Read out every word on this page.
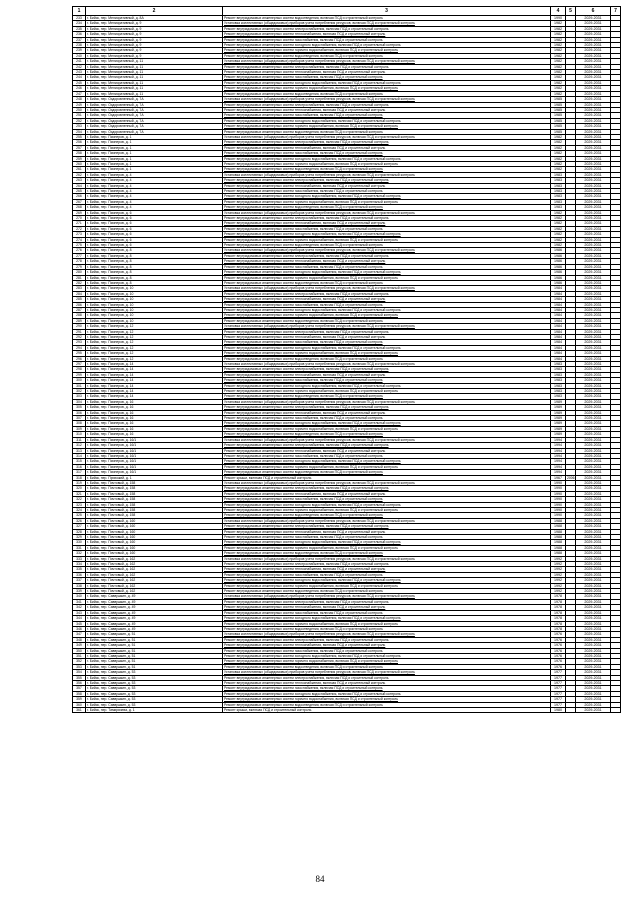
1	2	3	4	5	6	7
233	г. Бийск, пер. Мелиоративный, д. 8А	Ремонт внутридомовых инженерных систем водоотведения, включая ПСД и строительный контроль	1990		2029-2031	
234	г. Бийск, пер. Мелиоративный, д. 9	Установка коллективных (общедомовых) приборов учета потребления ресурсов, включая ПСД и строительный контроль	1982		2029-2031	
235	г. Бийск, пер. Мелиоративный, д. 9	Ремонт внутридомовых инженерных систем электроснабжения, включая ПСД и строительный контроль	1982		2029-2031	
236	г. Бийск, пер. Мелиоративный, д. 9	Ремонт внутридомовых инженерных систем теплоснабжения, включая ПСД и строительный контроль	1982		2029-2031	
237	г. Бийск, пер. Мелиоративный, д. 9	Ремонт внутридомовых инженерных систем газоснабжения, включая ПСД и строительный контроль	1982		2029-2031	
238	г. Бийск, пер. Мелиоративный, д. 9	Ремонт внутридомовых инженерных систем холодного водоснабжения, включая ПСД и строительный контроль	1982		2029-2031	
239	г. Бийск, пер. Мелиоративный, д. 9	Ремонт внутридомовых инженерных систем горячего водоснабжения, включая ПСД и строительный контроль	1982		2029-2031	
240	г. Бийск, пер. Мелиоративный, д. 9	Ремонт внутридомовых инженерных систем водоотведения, включая ПСД и строительный контроль	1982		2029-2031	
241	г. Бийск, пер. Мелиоративный, д. 11	Установка коллективных (общедомовых) приборов учета потребления ресурсов, включая ПСД и строительный контроль	1982		2029-2031	
242	г. Бийск, пер. Мелиоративный, д. 11	Ремонт внутридомовых инженерных систем электроснабжения, включая ПСД и строительный контроль	1982		2029-2031	
243	г. Бийск, пер. Мелиоративный, д. 11	Ремонт внутридомовых инженерных систем теплоснабжения, включая ПСД и строительный контроль	1982		2029-2031	
244	г. Бийск, пер. Мелиоративный, д. 11	Ремонт внутридомовых инженерных систем газоснабжения, включая ПСД и строительный контроль	1982		2029-2031	
245	г. Бийск, пер. Мелиоративный, д. 11	Ремонт внутридомовых инженерных систем холодного водоснабжения, включая ПСД и строительный контроль	1982		2029-2031	
246	г. Бийск, пер. Мелиоративный, д. 11	Ремонт внутридомовых инженерных систем горячего водоснабжения, включая ПСД и строительный контроль	1982		2029-2031	
247	г. Бийск, пер. Мелиоративный, д. 11	Ремонт внутридомовых инженерных систем водоотведения, включая ПСД и строительный контроль	1982		2029-2031	
248	г. Бийск, пер. Оздоровленный, д. 7А	Установка коллективных (общедомовых) приборов учета потребления ресурсов, включая ПСД и строительный контроль	1985		2029-2031	
249	г. Бийск, пер. Оздоровленный, д. 7А	Ремонт внутридомовых инженерных систем электроснабжения, включая ПСД и строительный контроль	1985		2029-2031	
250	г. Бийск, пер. Оздоровленный, д. 7А	Ремонт внутридомовых инженерных систем теплоснабжения, включая ПСД и строительный контроль	1985		2029-2031	
251	г. Бийск, пер. Оздоровленный, д. 7А	Ремонт внутридомовых инженерных систем газоснабжения, включая ПСД и строительный контроль	1985		2029-2031	
252	г. Бийск, пер. Оздоровленный, д. 7А	Ремонт внутридомовых инженерных систем холодного водоснабжения, включая ПСД и строительный контроль	1985		2029-2031	
253	г. Бийск, пер. Оздоровленный, д. 7А	Ремонт внутридомовых инженерных систем горячего водоснабжения, включая ПСД и строительный контроль	1985		2029-2031	
254	г. Бийск, пер. Оздоровленный, д. 7А	Ремонт внутридомовых инженерных систем водоотведения, включая ПСД и строительный контроль	1985		2029-2031	
255	г. Бийск, пер. Пионеров, д. 1	Установка коллективных (общедомовых) приборов учета потребления ресурсов, включая ПСД и строительный контроль	1982		2029-2031	
256	г. Бийск, пер. Пионеров, д. 1	Ремонт внутридомовых инженерных систем электроснабжения, включая ПСД и строительный контроль	1982		2029-2031	
257	г. Бийск, пер. Пионеров, д. 1	Ремонт внутридомовых инженерных систем теплоснабжения, включая ПСД и строительный контроль	1982		2029-2031	
258	г. Бийск, пер. Пионеров, д. 1	Ремонт внутридомовых инженерных систем газоснабжения, включая ПСД и строительный контроль	1982		2029-2031	
259	г. Бийск, пер. Пионеров, д. 1	Ремонт внутридомовых инженерных систем холодного водоснабжения, включая ПСД и строительный контроль	1982		2029-2031	
260	г. Бийск, пер. Пионеров, д. 1	Ремонт внутридомовых инженерных систем горячего водоснабжения, включая ПСД и строительный контроль	1982		2029-2031	
261	г. Бийск, пер. Пионеров, д. 1	Ремонт внутридомовых инженерных систем водоотведения, включая ПСД и строительный контроль	1982		2029-2031	
262	г. Бийск, пер. Пионеров, д. 4	Установка коллективных (общедомовых) приборов учета потребления ресурсов, включая ПСД и строительный контроль	1983		2029-2031	
263	г. Бийск, пер. Пионеров, д. 4	Ремонт внутридомовых инженерных систем электроснабжения, включая ПСД и строительный контроль	1983		2029-2031	
264	г. Бийск, пер. Пионеров, д. 4	Ремонт внутридомовых инженерных систем теплоснабжения, включая ПСД и строительный контроль	1983		2029-2031	
265	г. Бийск, пер. Пионеров, д. 4	Ремонт внутридомовых инженерных систем газоснабжения, включая ПСД и строительный контроль	1983		2029-2031	
266	г. Бийск, пер. Пионеров, д. 4	Ремонт внутридомовых инженерных систем холодного водоснабжения, включая ПСД и строительный контроль	1983		2029-2031	
267	г. Бийск, пер. Пионеров, д. 4	Ремонт внутридомовых инженерных систем горячего водоснабжения, включая ПСД и строительный контроль	1983		2029-2031	
268	г. Бийск, пер. Пионеров, д. 4	Ремонт внутридомовых инженерных систем водоотведения, включая ПСД и строительный контроль	1983		2029-2031	
269	г. Бийск, пер. Пионеров, д. 6	Установка коллективных (общедомовых) приборов учета потребления ресурсов, включая ПСД и строительный контроль	1982		2029-2031	
270	г. Бийск, пер. Пионеров, д. 6	Ремонт внутридомовых инженерных систем электроснабжения, включая ПСД и строительный контроль	1982		2029-2031	
271	г. Бийск, пер. Пионеров, д. 6	Ремонт внутридомовых инженерных систем теплоснабжения, включая ПСД и строительный контроль	1982		2029-2031	
272	г. Бийск, пер. Пионеров, д. 6	Ремонт внутридомовых инженерных систем газоснабжения, включая ПСД и строительный контроль	1982		2029-2031	
273	г. Бийск, пер. Пионеров, д. 6	Ремонт внутридомовых инженерных систем холодного водоснабжения, включая ПСД и строительный контроль	1982		2029-2031	
274	г. Бийск, пер. Пионеров, д. 6	Ремонт внутридомовых инженерных систем горячего водоснабжения, включая ПСД и строительный контроль	1982		2029-2031	
275	г. Бийск, пер. Пионеров, д. 6	Ремонт внутридомовых инженерных систем водоотведения, включая ПСД и строительный контроль	1982		2029-2031	
276	г. Бийск, пер. Пионеров, д. 8	Установка коллективных (общедомовых) приборов учета потребления ресурсов, включая ПСД и строительный контроль	1986		2029-2031	
277	г. Бийск, пер. Пионеров, д. 8	Ремонт внутридомовых инженерных систем электроснабжения, включая ПСД и строительный контроль	1986		2029-2031	
278	г. Бийск, пер. Пионеров, д. 8	Ремонт внутридомовых инженерных систем теплоснабжения, включая ПСД и строительный контроль	1986		2029-2031	
279	г. Бийск, пер. Пионеров, д. 8	Ремонт внутридомовых инженерных систем газоснабжения, включая ПСД и строительный контроль	1986		2029-2031	
280	г. Бийск, пер. Пионеров, д. 8	Ремонт внутридомовых инженерных систем холодного водоснабжения, включая ПСД и строительный контроль	1986		2029-2031	
281	г. Бийск, пер. Пионеров, д. 8	Ремонт внутридомовых инженерных систем горячего водоснабжения, включая ПСД и строительный контроль	1986		2029-2031	
282	г. Бийск, пер. Пионеров, д. 8	Ремонт внутридомовых инженерных систем водоотведения, включая ПСД и строительный контроль	1986		2029-2031	
283	г. Бийск, пер. Пионеров, д. 10	Установка коллективных (общедомовых) приборов учета потребления ресурсов, включая ПСД и строительный контроль	1984		2029-2031	
284	г. Бийск, пер. Пионеров, д. 10	Ремонт внутридомовых инженерных систем электроснабжения, включая ПСД и строительный контроль	1984		2029-2031	
285	г. Бийск, пер. Пионеров, д. 10	Ремонт внутридомовых инженерных систем теплоснабжения, включая ПСД и строительный контроль	1984		2029-2031	
286	г. Бийск, пер. Пионеров, д. 10	Ремонт внутридомовых инженерных систем газоснабжения, включая ПСД и строительный контроль	1984		2029-2031	
287	г. Бийск, пер. Пионеров, д. 10	Ремонт внутридомовых инженерных систем холодного водоснабжения, включая ПСД и строительный контроль	1984		2029-2031	
288	г. Бийск, пер. Пионеров, д. 10	Ремонт внутридомовых инженерных систем горячего водоснабжения, включая ПСД и строительный контроль	1984		2029-2031	
289	г. Бийск, пер. Пионеров, д. 10	Ремонт внутридомовых инженерных систем водоотведения, включая ПСД и строительный контроль	1984		2029-2031	
290	г. Бийск, пер. Пионеров, д. 12	Установка коллективных (общедомовых) приборов учета потребления ресурсов, включая ПСД и строительный контроль	1984		2029-2031	
291	г. Бийск, пер. Пионеров, д. 12	Ремонт внутридомовых инженерных систем электроснабжения, включая ПСД и строительный контроль	1984		2029-2031	
292	г. Бийск, пер. Пионеров, д. 12	Ремонт внутридомовых инженерных систем теплоснабжения, включая ПСД и строительный контроль	1984		2029-2031	
293	г. Бийск, пер. Пионеров, д. 12	Ремонт внутридомовых инженерных систем газоснабжения, включая ПСД и строительный контроль	1984		2029-2031	
294	г. Бийск, пер. Пионеров, д. 12	Ремонт внутридомовых инженерных систем холодного водоснабжения, включая ПСД и строительный контроль	1984		2029-2031	
295	г. Бийск, пер. Пионеров, д. 12	Ремонт внутридомовых инженерных систем горячего водоснабжения, включая ПСД и строительный контроль	1984		2029-2031	
296	г. Бийск, пер. Пионеров, д. 12	Ремонт внутридомовых инженерных систем водоотведения, включая ПСД и строительный контроль	1984		2029-2031	
297	г. Бийск, пер. Пионеров, д. 14	Установка коллективных (общедомовых) приборов учета потребления ресурсов, включая ПСД и строительный контроль	1983		2029-2031	
298	г. Бийск, пер. Пионеров, д. 14	Ремонт внутридомовых инженерных систем электроснабжения, включая ПСД и строительный контроль	1983		2029-2031	
299	г. Бийск, пер. Пионеров, д. 14	Ремонт внутридомовых инженерных систем теплоснабжения, включая ПСД и строительный контроль	1983		2029-2031	
300	г. Бийск, пер. Пионеров, д. 14	Ремонт внутридомовых инженерных систем газоснабжения, включая ПСД и строительный контроль	1983		2029-2031	
301	г. Бийск, пер. Пионеров, д. 14	Ремонт внутридомовых инженерных систем холодного водоснабжения, включая ПСД и строительный контроль	1983		2029-2031	
302	г. Бийск, пер. Пионеров, д. 14	Ремонт внутридомовых инженерных систем горячего водоснабжения, включая ПСД и строительный контроль	1983		2029-2031	
303	г. Бийск, пер. Пионеров, д. 14	Ремонт внутридомовых инженерных систем водоотведения, включая ПСД и строительный контроль	1983		2029-2031	
304	г. Бийск, пер. Пионеров, д. 16	Установка коллективных (общедомовых) приборов учета потребления ресурсов, включая ПСД и строительный контроль	1989		2029-2031	
305	г. Бийск, пер. Пионеров, д. 16	Ремонт внутридомовых инженерных систем электроснабжения, включая ПСД и строительный контроль	1989		2029-2031	
306	г. Бийск, пер. Пионеров, д. 16	Ремонт внутридомовых инженерных систем теплоснабжения, включая ПСД и строительный контроль	1989		2029-2031	
307	г. Бийск, пер. Пионеров, д. 16	Ремонт внутридомовых инженерных систем газоснабжения, включая ПСД и строительный контроль	1989		2029-2031	
308	г. Бийск, пер. Пионеров, д. 16	Ремонт внутридомовых инженерных систем холодного водоснабжения, включая ПСД и строительный контроль	1989		2029-2031	
309	г. Бийск, пер. Пионеров, д. 16	Ремонт внутридомовых инженерных систем горячего водоснабжения, включая ПСД и строительный контроль	1989		2029-2031	
310	г. Бийск, пер. Пионеров, д. 16	Ремонт внутридомовых инженерных систем водоотведения, включая ПСД и строительный контроль	1989		2029-2031	
311	г. Бийск, пер. Пионеров, д. 16/1	Установка коллективных (общедомовых) приборов учета потребления ресурсов, включая ПСД и строительный контроль	1994		2029-2031	
312	г. Бийск, пер. Пионеров, д. 16/1	Ремонт внутридомовых инженерных систем электроснабжения, включая ПСД и строительный контроль	1994		2029-2031	
313	г. Бийск, пер. Пионеров, д. 16/1	Ремонт внутридомовых инженерных систем теплоснабжения, включая ПСД и строительный контроль	1994		2029-2031	
314	г. Бийск, пер. Пионеров, д. 16/1	Ремонт внутридомовых инженерных систем газоснабжения, включая ПСД и строительный контроль	1994		2029-2031	
315	г. Бийск, пер. Пионеров, д. 16/1	Ремонт внутридомовых инженерных систем холодного водоснабжения, включая ПСД и строительный контроль	1994		2029-2031	
316	г. Бийск, пер. Пионеров, д. 16/1	Ремонт внутридомовых инженерных систем горячего водоснабжения, включая ПСД и строительный контроль	1994		2029-2031	
317	г. Бийск, пер. Пионеров, д. 16/1	Ремонт внутридомовых инженерных систем водоотведения, включая ПСД и строительный контроль	1994		2029-2031	
318	г. Бийск, пер. Прихожий, д. 1	Ремонт крыши, включая ПСД и строительный контроль	1967	2006	2029-2031	
319	г. Бийск, пер. Почтовый, д. 158	Установка коллективных (общедомовых) приборов учета потребления ресурсов, включая ПСД и строительный контроль	1990		2029-2031	
320	г. Бийск, пер. Почтовый, д. 158	Ремонт внутридомовых инженерных систем электроснабжения, включая ПСД и строительный контроль	1990		2029-2031	
321	г. Бийск, пер. Почтовый, д. 158	Ремонт внутридомовых инженерных систем теплоснабжения, включая ПСД и строительный контроль	1990		2029-2031	
322	г. Бийск, пер. Почтовый, д. 158	Ремонт внутридомовых инженерных систем газоснабжения, включая ПСД и строительный контроль	1990		2029-2031	
323	г. Бийск, пер. Почтовый, д. 158	Ремонт внутридомовых инженерных систем холодного водоснабжения, включая ПСД и строительный контроль	1990		2029-2031	
324	г. Бийск, пер. Почтовый, д. 158	Ремонт внутридомовых инженерных систем горячего водоснабжения, включая ПСД и строительный контроль	1990		2029-2031	
325	г. Бийск, пер. Почтовый, д. 158	Ремонт внутридомовых инженерных систем водоотведения, включая ПСД и строительный контроль	1990		2029-2031	
326	г. Бийск, пер. Почтовый, д. 160	Установка коллективных (общедомовых) приборов учета потребления ресурсов, включая ПСД и строительный контроль	1988		2029-2031	
327	г. Бийск, пер. Почтовый, д. 160	Ремонт внутридомовых инженерных систем электроснабжения, включая ПСД и строительный контроль	1988		2029-2031	
328	г. Бийск, пер. Почтовый, д. 160	Ремонт внутридомовых инженерных систем теплоснабжения, включая ПСД и строительный контроль	1988		2029-2031	
329	г. Бийск, пер. Почтовый, д. 160	Ремонт внутридомовых инженерных систем газоснабжения, включая ПСД и строительный контроль	1988		2029-2031	
330	г. Бийск, пер. Почтовый, д. 160	Ремонт внутридомовых инженерных систем холодного водоснабжения, включая ПСД и строительный контроль	1988		2029-2031	
331	г. Бийск, пер. Почтовый, д. 160	Ремонт внутридомовых инженерных систем горячего водоснабжения, включая ПСД и строительный контроль	1988		2029-2031	
332	г. Бийск, пер. Почтовый, д. 160	Ремонт внутридомовых инженерных систем водоотведения, включая ПСД и строительный контроль	1988		2029-2031	
333	г. Бийск, пер. Почтовый, д. 162	Установка коллективных (общедомовых) приборов учета потребления ресурсов, включая ПСД и строительный контроль	1992		2029-2031	
334	г. Бийск, пер. Почтовый, д. 162	Ремонт внутридомовых инженерных систем электроснабжения, включая ПСД и строительный контроль	1992		2029-2031	
335	г. Бийск, пер. Почтовый, д. 162	Ремонт внутридомовых инженерных систем теплоснабжения, включая ПСД и строительный контроль	1992		2029-2031	
336	г. Бийск, пер. Почтовый, д. 162	Ремонт внутридомовых инженерных систем газоснабжения, включая ПСД и строительный контроль	1992		2029-2031	
337	г. Бийск, пер. Почтовый, д. 162	Ремонт внутридомовых инженерных систем холодного водоснабжения, включая ПСД и строительный контроль	1992		2029-2031	
338	г. Бийск, пер. Почтовый, д. 162	Ремонт внутридомовых инженерных систем горячего водоснабжения, включая ПСД и строительный контроль	1992		2029-2031	
339	г. Бийск, пер. Почтовый, д. 162	Ремонт внутридомовых инженерных систем водоотведения, включая ПСД и строительный контроль	1992		2029-2031	
340	г. Бийск, пер. Саввушкин, д. 49	Установка коллективных (общедомовых) приборов учета потребления ресурсов, включая ПСД и строительный контроль	1978		2029-2031	
341	г. Бийск, пер. Саввушкин, д. 49	Ремонт внутридомовых инженерных систем электроснабжения, включая ПСД и строительный контроль	1978		2029-2031	
342	г. Бийск, пер. Саввушкин, д. 49	Ремонт внутридомовых инженерных систем теплоснабжения, включая ПСД и строительный контроль	1978		2029-2031	
343	г. Бийск, пер. Саввушкин, д. 49	Ремонт внутридомовых инженерных систем газоснабжения, включая ПСД и строительный контроль	1978		2029-2031	
344	г. Бийск, пер. Саввушкин, д. 49	Ремонт внутридомовых инженерных систем холодного водоснабжения, включая ПСД и строительный контроль	1978		2029-2031	
345	г. Бийск, пер. Саввушкин, д. 49	Ремонт внутридомовых инженерных систем горячего водоснабжения, включая ПСД и строительный контроль	1978		2029-2031	
346	г. Бийск, пер. Саввушкин, д. 49	Ремонт внутридомовых инженерных систем водоотведения, включая ПСД и строительный контроль	1978		2029-2031	
347	г. Бийск, пер. Саввушкин, д. 51	Установка коллективных (общедомовых) приборов учета потребления ресурсов, включая ПСД и строительный контроль	1976		2029-2031	
348	г. Бийск, пер. Саввушкин, д. 51	Ремонт внутридомовых инженерных систем электроснабжения, включая ПСД и строительный контроль	1976		2029-2031	
349	г. Бийск, пер. Саввушкин, д. 51	Ремонт внутридомовых инженерных систем теплоснабжения, включая ПСД и строительный контроль	1976		2029-2031	
350	г. Бийск, пер. Саввушкин, д. 51	Ремонт внутридомовых инженерных систем газоснабжения, включая ПСД и строительный контроль	1976		2029-2031	
351	г. Бийск, пер. Саввушкин, д. 51	Ремонт внутридомовых инженерных систем холодного водоснабжения, включая ПСД и строительный контроль	1976		2029-2031	
352	г. Бийск, пер. Саввушкин, д. 51	Ремонт внутридомовых инженерных систем горячего водоснабжения, включая ПСД и строительный контроль	1976		2029-2031	
353	г. Бийск, пер. Саввушкин, д. 51	Ремонт внутридомовых инженерных систем водоотведения, включая ПСД и строительный контроль	1976		2029-2031	
354	г. Бийск, пер. Саввушкин, д. 53	Установка коллективных (общедомовых) приборов учета потребления ресурсов, включая ПСД и строительный контроль	1977		2029-2031	
355	г. Бийск, пер. Саввушкин, д. 53	Ремонт внутридомовых инженерных систем электроснабжения, включая ПСД и строительный контроль	1977		2029-2031	
356	г. Бийск, пер. Саввушкин, д. 53	Ремонт внутридомовых инженерных систем теплоснабжения, включая ПСД и строительный контроль	1977		2029-2031	
357	г. Бийск, пер. Саввушкин, д. 53	Ремонт внутридомовых инженерных систем газоснабжения, включая ПСД и строительный контроль	1977		2029-2031	
358	г. Бийск, пер. Саввушкин, д. 53	Ремонт внутридомовых инженерных систем холодного водоснабжения, включая ПСД и строительный контроль	1977		2029-2031	
359	г. Бийск, пер. Саввушкин, д. 53	Ремонт внутридомовых инженерных систем горячего водоснабжения, включая ПСД и строительный контроль	1977		2029-2031	
360	г. Бийск, пер. Саввушкин, д. 53	Ремонт внутридомовых инженерных систем водоотведения, включая ПСД и строительный контроль	1977		2029-2031	
361	г. Бийск, пер. Тимирязева, д. 1	Ремонт крыши, включая ПСД и строительный контроль	1980		2029-2031	
84
